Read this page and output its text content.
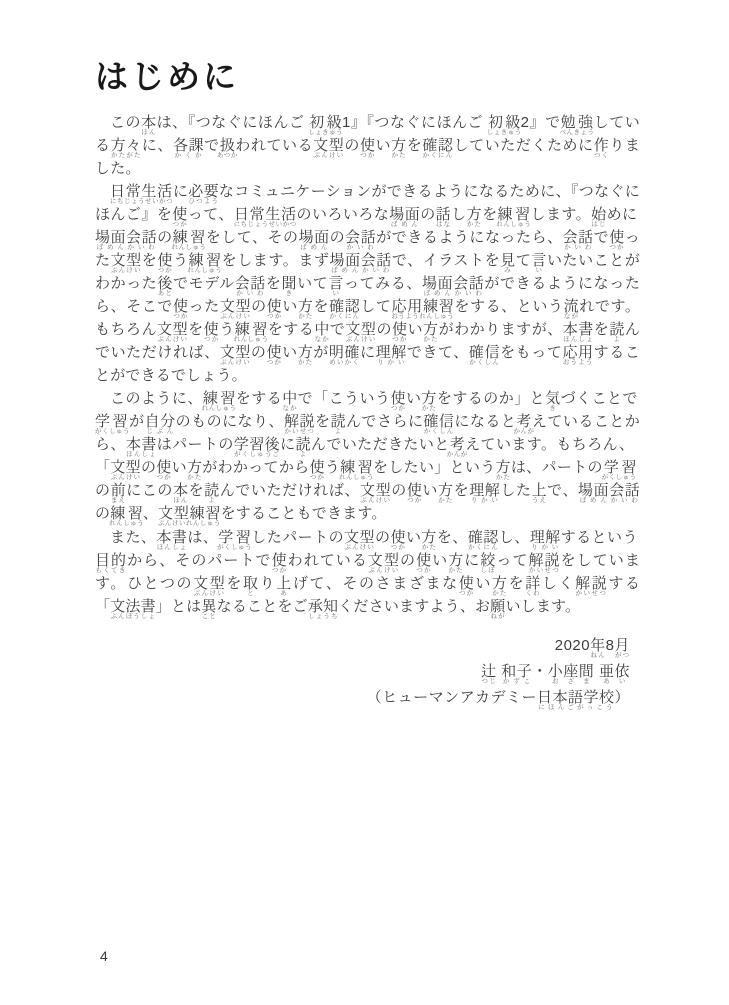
はじめに

この本ほんは、『つなぐにほんご 初級しょきゅう1』『つなぐにほんご 初級しょきゅう2』で勉強べんきょうしている方々かたがたに、各課かくかで扱あつかわれている文型ぶんけいの使つかい方かたを確認かくにんしていただくために作つくりました。

日常生活にちじょうせいかつに必要ひつようなコミュニケーションができるようになるために、『つなぐにほんご』を使つかって、日常生活にちじょうせいかつのいろいろな場面ばめんの話はなし方かたを練習れんしゅうします。始はじめに場面会話ばめんかいわの練習れんしゅうをして、その場面ばめんの会話かいわができるようになったら、会話かいわで使つかった文型ぶんけいを使つかう練習れんしゅうをします。まず場面会話ばめんかいわで、イラストを見みて言いいたいことがわかった後あとでモデル会話かいわを聞きいて言いってみる、場面会話ばめんかいわができるようになったら、そこで使つかった文型ぶんけいの使つかい方かたを確認かくにんして応用練習おうようれんしゅうをする、という流ながれです。もちろん文型ぶんけいを使つかう練習れんしゅうをする中なかで文型ぶんけいの使つかい方かたがわかりますが、本書ほんしょを読よんでいただければ、文型ぶんけいの使つかい方かたが明確めいかくに理解りかいできて、確信かくしんをもって応用おうようすることができるでしょう。

このように、練習れんしゅうをする中なかで「こういう使つかい方かたをするのか」と気きづくことで学習がくしゅうが自分じぶんのものになり、解説かいせつを読よんでさらに確信かくしんになると考かんがえていることから、本書ほんしょはパートの学習後がくしゅうごに読よんでいただきたいと考かんがえています。もちろん、「文型ぶんけいの使つかい方かたがわかってから使つかう練習れんしゅうをしたい」という方かたは、パートの学習がくしゅうの前まえにこの本ほんを読よんでいただければ、文型ぶんけいの使つかい方かたを理解りかいした上うえで、場面会話ばめんかいわの練習れんしゅう、文型練習ぶんけいれんしゅうをすることもできます。

また、本書ほんしょは、学習がくしゅうしたパートの文型ぶんけいの使つかい方かたを、確認かくにんし、理解りかいするという目的もくてきから、そのパートで使つかわれている文型ぶんけいの使つかい方かたに絞しぼって解説かいせつをしています。ひとつの文型ぶんけいを取とり上あげて、そのさまざまな使つかい方かたを詳くわしく解説かいせつする「文法書ぶんぽうしょ」とは異ことなることをご承知しょうちくださいますよう、お願ねがいします。

2020年ねん8月がつ

辻つじ 和子かずこ・小座間おざま 亜依あい

（ヒューマンアカデミー日本語学校にほんごがっこう）

4
